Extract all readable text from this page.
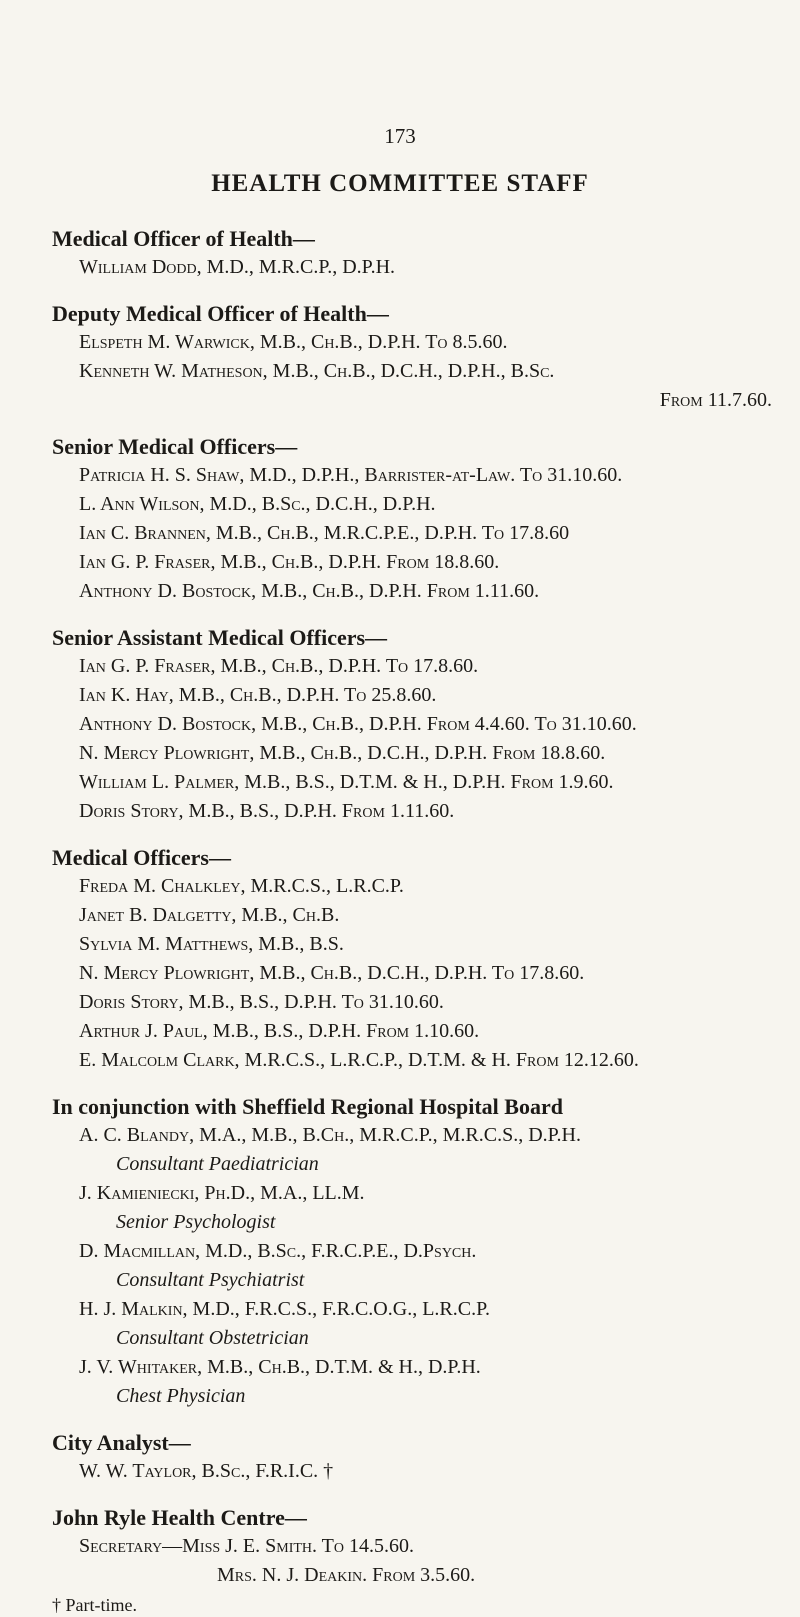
173
HEALTH COMMITTEE STAFF
Medical Officer of Health—
William Dodd, M.D., M.R.C.P., D.P.H.
Deputy Medical Officer of Health—
Elspeth M. Warwick, M.B., Ch.B., D.P.H. To 8.5.60.
Kenneth W. Matheson, M.B., Ch.B., D.C.H., D.P.H., B.Sc.
From 11.7.60.
Senior Medical Officers—
Patricia H. S. Shaw, M.D., D.P.H., Barrister-at-Law. To 31.10.60.
L. Ann Wilson, M.D., B.Sc., D.C.H., D.P.H.
Ian C. Brannen, M.B., Ch.B., M.R.C.P.E., D.P.H. To 17.8.60
Ian G. P. Fraser, M.B., Ch.B., D.P.H. From 18.8.60.
Anthony D. Bostock, M.B., Ch.B., D.P.H. From 1.11.60.
Senior Assistant Medical Officers—
Ian G. P. Fraser, M.B., Ch.B., D.P.H. To 17.8.60.
Ian K. Hay, M.B., Ch.B., D.P.H. To 25.8.60.
Anthony D. Bostock, M.B., Ch.B., D.P.H. From 4.4.60. To 31.10.60.
N. Mercy Plowright, M.B., Ch.B., D.C.H., D.P.H. From 18.8.60.
William L. Palmer, M.B., B.S., D.T.M. & H., D.P.H. From 1.9.60.
Doris Story, M.B., B.S., D.P.H. From 1.11.60.
Medical Officers—
Freda M. Chalkley, M.R.C.S., L.R.C.P.
Janet B. Dalgetty, M.B., Ch.B.
Sylvia M. Matthews, M.B., B.S.
N. Mercy Plowright, M.B., Ch.B., D.C.H., D.P.H. To 17.8.60.
Doris Story, M.B., B.S., D.P.H. To 31.10.60.
Arthur J. Paul, M.B., B.S., D.P.H. From 1.10.60.
E. Malcolm Clark, M.R.C.S., L.R.C.P., D.T.M. & H. From 12.12.60.
In conjunction with Sheffield Regional Hospital Board
A. C. Blandy, M.A., M.B., B.Ch., M.R.C.P., M.R.C.S., D.P.H.
Consultant Paediatrician
J. Kamieniecki, Ph.D., M.A., LL.M.
Senior Psychologist
D. Macmillan, M.D., B.Sc., F.R.C.P.E., D.Psych.
Consultant Psychiatrist
H. J. Malkin, M.D., F.R.C.S., F.R.C.O.G., L.R.C.P.
Consultant Obstetrician
J. V. Whitaker, M.B., Ch.B., D.T.M. & H., D.P.H.
Chest Physician
City Analyst—
W. W. Taylor, B.Sc., F.R.I.C. †
John Ryle Health Centre—
Secretary—Miss J. E. Smith. To 14.5.60.
Mrs. N. J. Deakin. From 3.5.60.
† Part-time.
